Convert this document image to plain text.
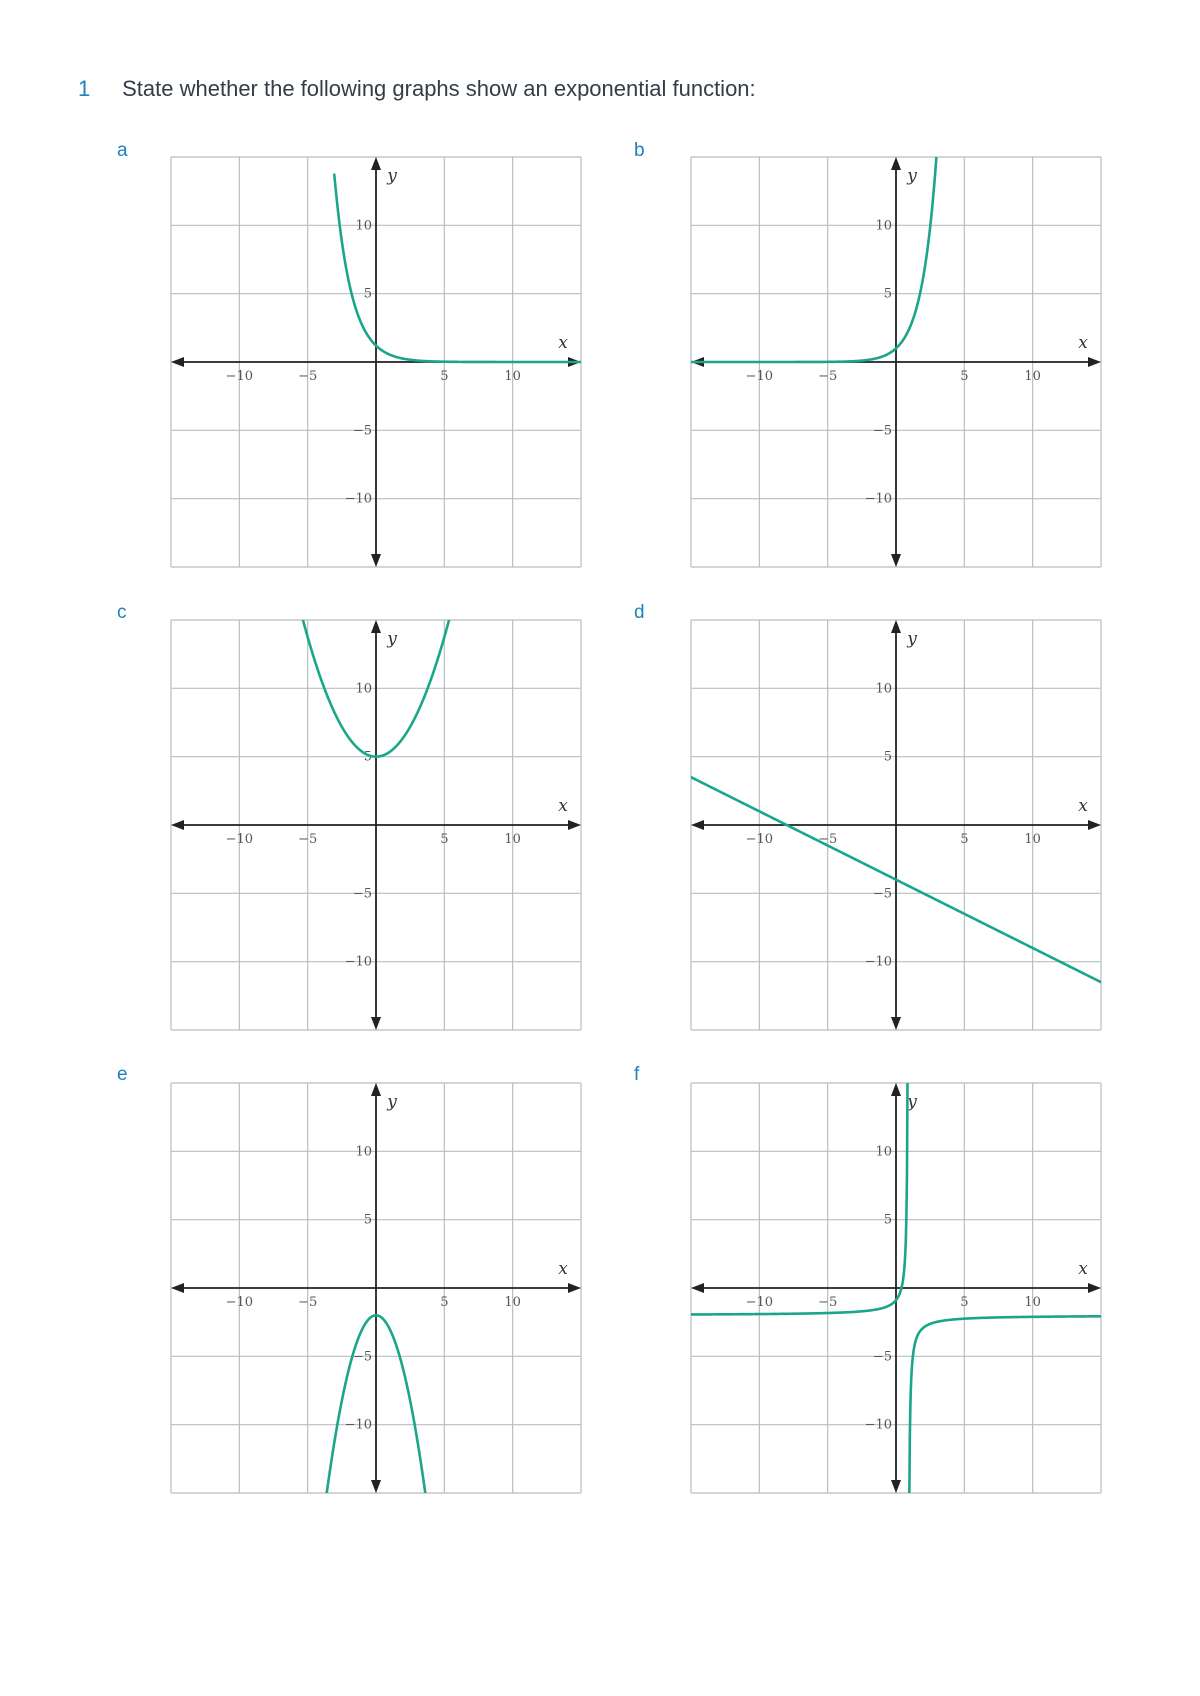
1 State whether the following graphs show an exponential function:
a	b
c	d
e	f
−10	−5	5	10
10
5
−5
−10
x
y
−10	−5	5	10
10
5
−5
−10
x
y
−10	−5	5	10
10
5
−5
−10
x
y
−10	−5	5	10
10
5
−5
−10
x
y
−10	−5	5	10
10
5
−5
−10
x
y
−10	−5	5	10
10
5
−5
−10
x
y
